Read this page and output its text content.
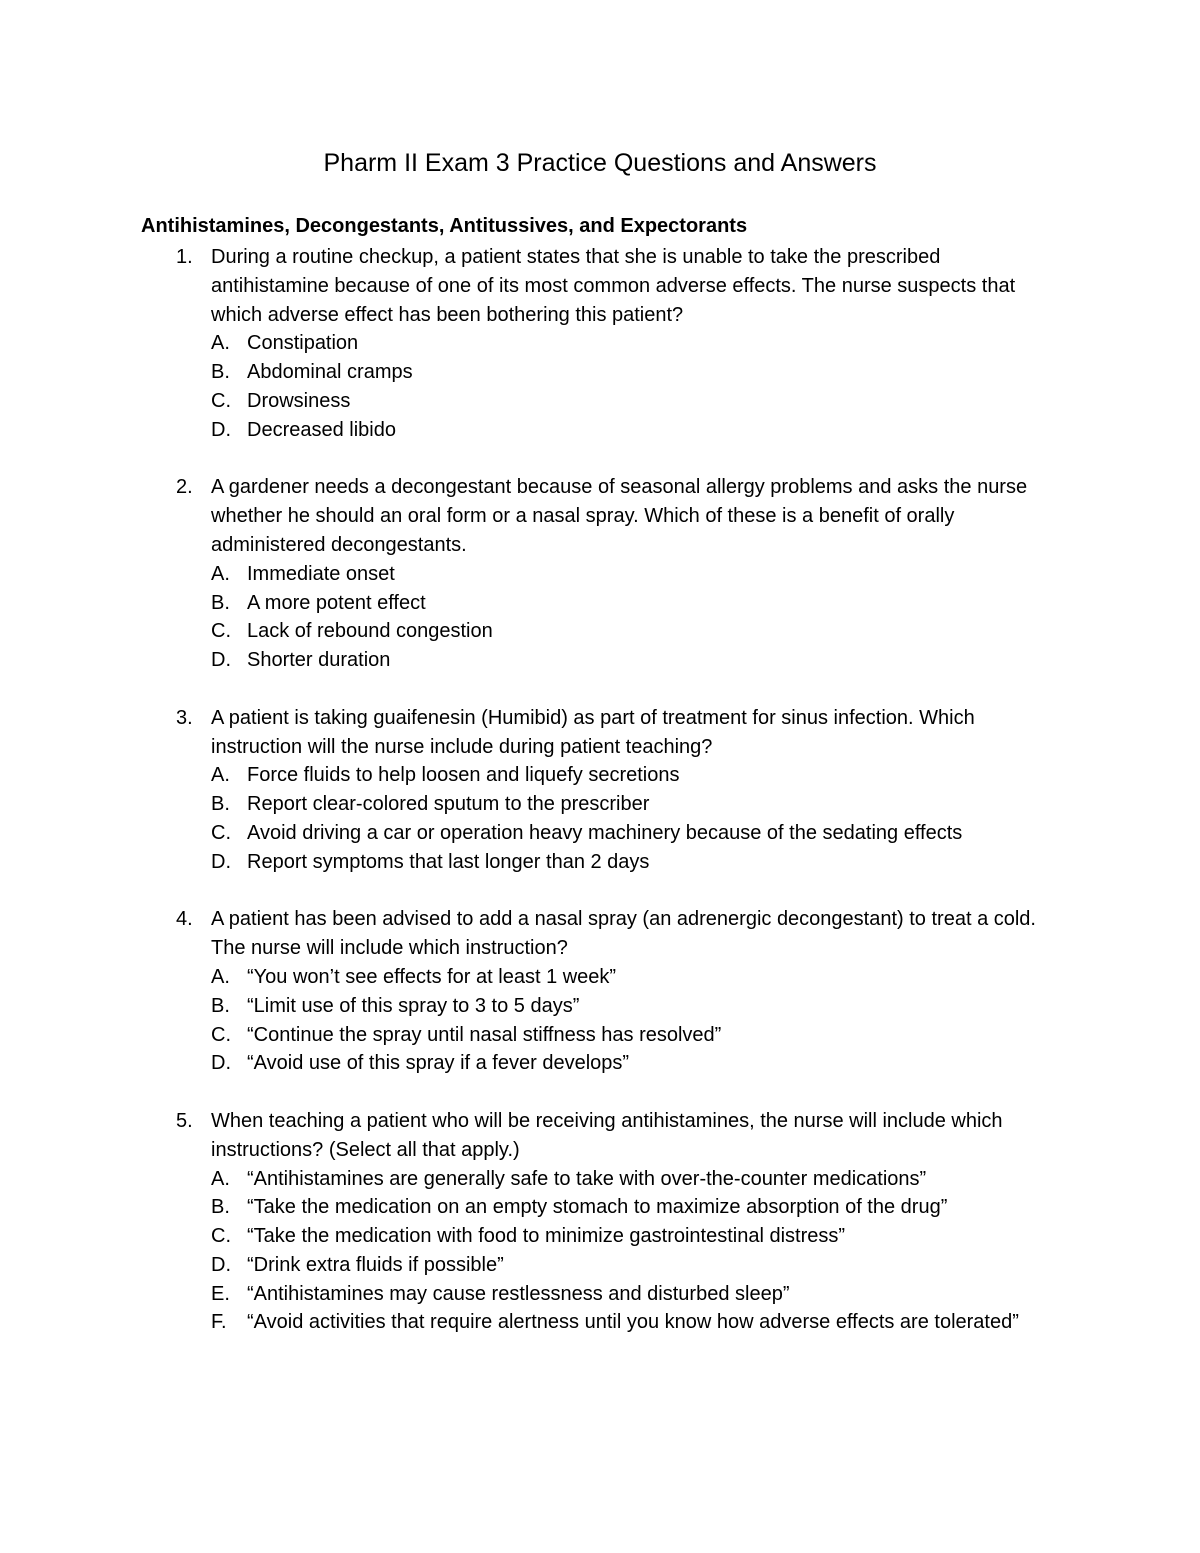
Pharm II Exam 3 Practice Questions and Answers
Antihistamines, Decongestants, Antitussives, and Expectorants
1. During a routine checkup, a patient states that she is unable to take the prescribed antihistamine because of one of its most common adverse effects. The nurse suspects that which adverse effect has been bothering this patient?
A. Constipation
B. Abdominal cramps
C. Drowsiness
D. Decreased libido
2. A gardener needs a decongestant because of seasonal allergy problems and asks the nurse whether he should an oral form or a nasal spray. Which of these is a benefit of orally administered decongestants.
A. Immediate onset
B. A more potent effect
C. Lack of rebound congestion
D. Shorter duration
3. A patient is taking guaifenesin (Humibid) as part of treatment for sinus infection. Which instruction will the nurse include during patient teaching?
A. Force fluids to help loosen and liquefy secretions
B. Report clear-colored sputum to the prescriber
C. Avoid driving a car or operation heavy machinery because of the sedating effects
D. Report symptoms that last longer than 2 days
4. A patient has been advised to add a nasal spray (an adrenergic decongestant) to treat a cold. The nurse will include which instruction?
A. “You won’t see effects for at least 1 week”
B. “Limit use of this spray to 3 to 5 days”
C. “Continue the spray until nasal stiffness has resolved”
D. “Avoid use of this spray if a fever develops”
5. When teaching a patient who will be receiving antihistamines, the nurse will include which instructions? (Select all that apply.)
A. “Antihistamines are generally safe to take with over-the-counter medications”
B. “Take the medication on an empty stomach to maximize absorption of the drug”
C. “Take the medication with food to minimize gastrointestinal distress”
D. “Drink extra fluids if possible”
E. “Antihistamines may cause restlessness and disturbed sleep”
F. “Avoid activities that require alertness until you know how adverse effects are tolerated”
